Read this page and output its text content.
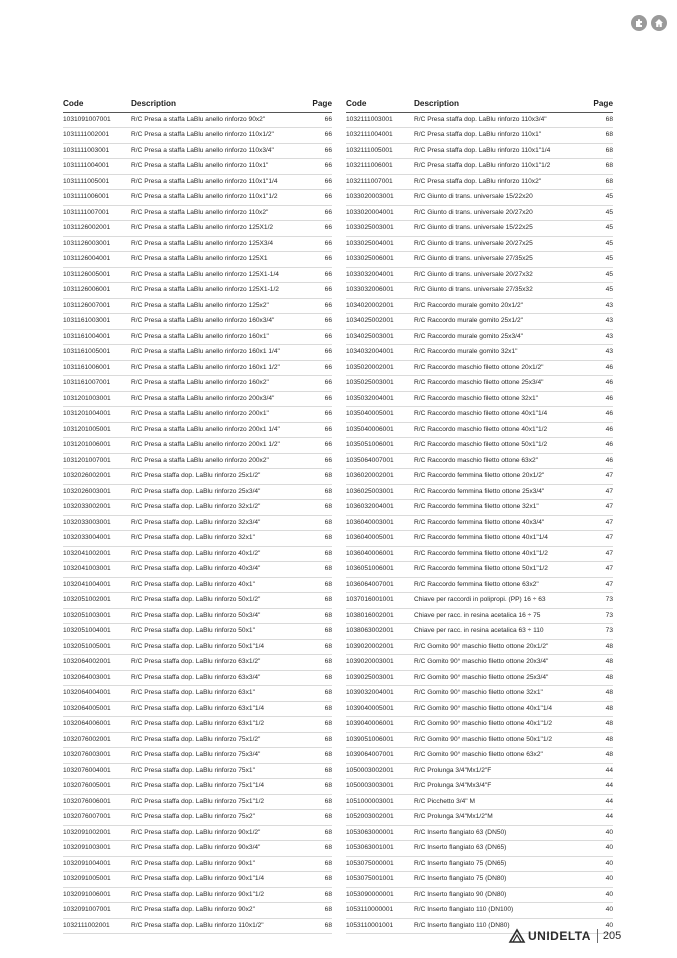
Code	Description	Page
1031091007001	R/C Presa a staffa LaBlu anello rinforzo 90x2"	66
1031111002001	R/C Presa a staffa LaBlu anello rinforzo 110x1/2"	66
1031111003001	R/C Presa a staffa LaBlu anello rinforzo 110x3/4"	66
1031111004001	R/C Presa a staffa LaBlu anello rinforzo 110x1"	66
1031111005001	R/C Presa a staffa LaBlu anello rinforzo 110x1"1/4	66
1031111006001	R/C Presa a staffa LaBlu anello rinforzo 110x1"1/2	66
1031111007001	R/C Presa a staffa LaBlu anello rinforzo 110x2"	66
1031126002001	R/C Presa a staffa LaBlu anello rinforzo 125X1/2	66
1031126003001	R/C Presa a staffa LaBlu anello rinforzo 125X3/4	66
1031126004001	R/C Presa a staffa LaBlu anello rinforzo 125X1	66
1031126005001	R/C Presa a staffa LaBlu anello rinforzo 125X1-1/4	66
1031126006001	R/C Presa a staffa LaBlu anello rinforzo 125X1-1/2	66
1031126007001	R/C Presa a staffa LaBlu anello rinforzo 125x2"	66
1031161003001	R/C Presa a staffa LaBlu anello rinforzo 160x3/4"	66
1031161004001	R/C Presa a staffa LaBlu anello rinforzo 160x1"	66
1031161005001	R/C Presa a staffa LaBlu anello rinforzo 160x1 1/4"	66
1031161006001	R/C Presa a staffa LaBlu anello rinforzo 160x1 1/2"	66
1031161007001	R/C Presa a staffa LaBlu anello rinforzo 160x2"	66
1031201003001	R/C Presa a staffa LaBlu anello rinforzo 200x3/4"	66
1031201004001	R/C Presa a staffa LaBlu anello rinforzo 200x1"	66
1031201005001	R/C Presa a staffa LaBlu anello rinforzo 200x1 1/4"	66
1031201006001	R/C Presa a staffa LaBlu anello rinforzo 200x1 1/2"	66
1031201007001	R/C Presa a staffa LaBlu anello rinforzo 200x2"	66
1032026002001	R/C Presa staffa dop. LaBlu rinforzo 25x1/2"	68
1032026003001	R/C Presa staffa dop. LaBlu rinforzo 25x3/4"	68
1032033002001	R/C Presa staffa dop. LaBlu rinforzo 32x1/2"	68
1032033003001	R/C Presa staffa dop. LaBlu rinforzo 32x3/4"	68
1032033004001	R/C Presa staffa dop. LaBlu rinforzo 32x1"	68
1032041002001	R/C Presa staffa dop. LaBlu rinforzo 40x1/2"	68
1032041003001	R/C Presa staffa dop. LaBlu rinforzo 40x3/4"	68
1032041004001	R/C Presa staffa dop. LaBlu rinforzo 40x1"	68
1032051002001	R/C Presa staffa dop. LaBlu rinforzo 50x1/2"	68
1032051003001	R/C Presa staffa dop. LaBlu rinforzo 50x3/4"	68
1032051004001	R/C Presa staffa dop. LaBlu rinforzo 50x1"	68
1032051005001	R/C Presa staffa dop. LaBlu rinforzo 50x1"1/4	68
1032064002001	R/C Presa staffa dop. LaBlu rinforzo 63x1/2"	68
1032064003001	R/C Presa staffa dop. LaBlu rinforzo 63x3/4"	68
1032064004001	R/C Presa staffa dop. LaBlu rinforzo 63x1"	68
1032064005001	R/C Presa staffa dop. LaBlu rinforzo 63x1"1/4	68
1032064006001	R/C Presa staffa dop. LaBlu rinforzo 63x1"1/2	68
1032076002001	R/C Presa staffa dop. LaBlu rinforzo 75x1/2"	68
1032076003001	R/C Presa staffa dop. LaBlu rinforzo 75x3/4"	68
1032076004001	R/C Presa staffa dop. LaBlu rinforzo 75x1"	68
1032076005001	R/C Presa staffa dop. LaBlu rinforzo 75x1"1/4	68
1032076006001	R/C Presa staffa dop. LaBlu rinforzo 75x1"1/2	68
1032076007001	R/C Presa staffa dop. LaBlu rinforzo 75x2"	68
1032091002001	R/C Presa staffa dop. LaBlu rinforzo 90x1/2"	68
1032091003001	R/C Presa staffa dop. LaBlu rinforzo 90x3/4"	68
1032091004001	R/C Presa staffa dop. LaBlu rinforzo 90x1"	68
1032091005001	R/C Presa staffa dop. LaBlu rinforzo 90x1"1/4	68
1032091006001	R/C Presa staffa dop. LaBlu rinforzo 90x1"1/2	68
1032091007001	R/C Presa staffa dop. LaBlu rinforzo 90x2"	68
1032111002001	R/C Presa staffa dop. LaBlu rinforzo 110x1/2"	68
Code	Description	Page
1032111003001	R/C Presa staffa dop. LaBlu rinforzo 110x3/4"	68
1032111004001	R/C Presa staffa dop. LaBlu rinforzo 110x1"	68
1032111005001	R/C Presa staffa dop. LaBlu rinforzo 110x1"1/4	68
1032111006001	R/C Presa staffa dop. LaBlu rinforzo 110x1"1/2	68
1032111007001	R/C Presa staffa dop. LaBlu rinforzo 110x2"	68
1033020003001	R/C Giunto di trans. universale 15/22x20	45
1033020004001	R/C Giunto di trans. universale 20/27x20	45
1033025003001	R/C Giunto di trans. universale 15/22x25	45
1033025004001	R/C Giunto di trans. universale 20/27x25	45
1033025006001	R/C Giunto di trans. universale 27/35x25	45
1033032004001	R/C Giunto di trans. universale 20/27x32	45
1033032006001	R/C Giunto di trans. universale 27/35x32	45
1034020002001	R/C Raccordo murale gomito 20x1/2"	43
1034025002001	R/C Raccordo murale gomito 25x1/2"	43
1034025003001	R/C Raccordo murale gomito 25x3/4"	43
1034032004001	R/C Raccordo murale gomito 32x1"	43
1035020002001	R/C Raccordo maschio filetto ottone 20x1/2"	46
1035025003001	R/C Raccordo maschio filetto ottone 25x3/4"	46
1035032004001	R/C Raccordo maschio filetto ottone 32x1"	46
1035040005001	R/C Raccordo maschio filetto ottone 40x1"1/4	46
1035040006001	R/C Raccordo maschio filetto ottone 40x1"1/2	46
1035051006001	R/C Raccordo maschio filetto ottone 50x1"1/2	46
1035064007001	R/C Raccordo maschio filetto ottone 63x2"	46
1036020002001	R/C Raccordo femmina filetto ottone 20x1/2"	47
1036025003001	R/C Raccordo femmina filetto ottone 25x3/4"	47
1036032004001	R/C Raccordo femmina filetto ottone 32x1"	47
1036040003001	R/C Raccordo femmina filetto ottone 40x3/4"	47
1036040005001	R/C Raccordo femmina filetto ottone 40x1"1/4	47
1036040006001	R/C Raccordo femmina filetto ottone 40x1"1/2	47
1036051006001	R/C Raccordo femmina filetto ottone 50x1"1/2	47
1036064007001	R/C Raccordo femmina filetto ottone 63x2"	47
1037016001001	Chiave per raccordi in polipropi. (PP) 16 ÷ 63	73
1038016002001	Chiave per racc. in resina acetalica 16 ÷ 75	73
1038063002001	Chiave per racc. in resina acetalica 63 ÷ 110	73
1039020002001	R/C Gomito 90° maschio filetto ottone 20x1/2"	48
1039020003001	R/C Gomito 90° maschio filetto ottone 20x3/4"	48
1039025003001	R/C Gomito 90° maschio filetto ottone 25x3/4"	48
1039032004001	R/C Gomito 90° maschio filetto ottone 32x1"	48
1039040005001	R/C Gomito 90° maschio filetto ottone 40x1"1/4	48
1039040006001	R/C Gomito 90° maschio filetto ottone 40x1"1/2	48
1039051006001	R/C Gomito 90° maschio filetto ottone 50x1"1/2	48
1039064007001	R/C Gomito 90° maschio filetto ottone 63x2"	48
1050003002001	R/C Prolunga 3/4"Mx1/2"F	44
1050003003001	R/C Prolunga 3/4"Mx3/4"F	44
1051000003001	R/C Picchetto 3/4" M	44
1052003002001	R/C Prolunga 3/4"Mx1/2"M	44
1053063000001	R/C Inserto flangiato 63 (DN50)	40
1053063001001	R/C Inserto flangiato 63 (DN65)	40
1053075000001	R/C Inserto flangiato 75 (DN65)	40
1053075001001	R/C Inserto flangiato 75 (DN80)	40
1053090000001	R/C Inserto flangiato 90 (DN80)	40
1053110000001	R/C Inserto flangiato 110 (DN100)	40
1053110001001	R/C Inserto flangiato 110 (DN80)	40
UNIDELTA 205
